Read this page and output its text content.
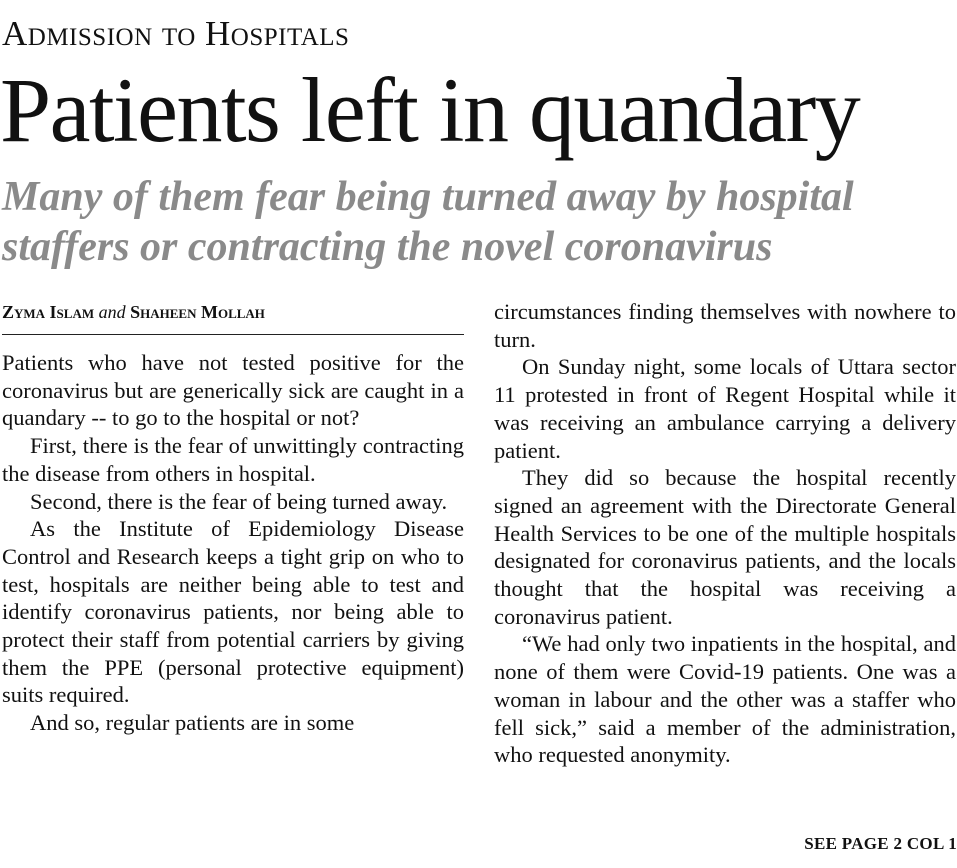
Admission to Hospitals
Patients left in quandary
Many of them fear being turned away by hospital staffers or contracting the novel coronavirus
Zyma Islam and Shaheen Mollah

Patients who have not tested positive for the coronavirus but are generically sick are caught in a quandary -- to go to the hospital or not?

First, there is the fear of unwittingly contracting the disease from others in hospital.

Second, there is the fear of being turned away.

As the Institute of Epidemiology Disease Control and Research keeps a tight grip on who to test, hospitals are neither being able to test and identify coronavirus patients, nor being able to protect their staff from potential carriers by giving them the PPE (personal protective equipment) suits required.

And so, regular patients are in some

circumstances finding themselves with nowhere to turn.

On Sunday night, some locals of Uttara sector 11 protested in front of Regent Hospital while it was receiving an ambulance carrying a delivery patient.

They did so because the hospital recently signed an agreement with the Directorate General Health Services to be one of the multiple hospitals designated for coronavirus patients, and the locals thought that the hospital was receiving a coronavirus patient.

“We had only two inpatients in the hospital, and none of them were Covid-19 patients. One was a woman in labour and the other was a staffer who fell sick,” said a member of the administration, who requested anonymity.

SEE PAGE 2 COL 1
